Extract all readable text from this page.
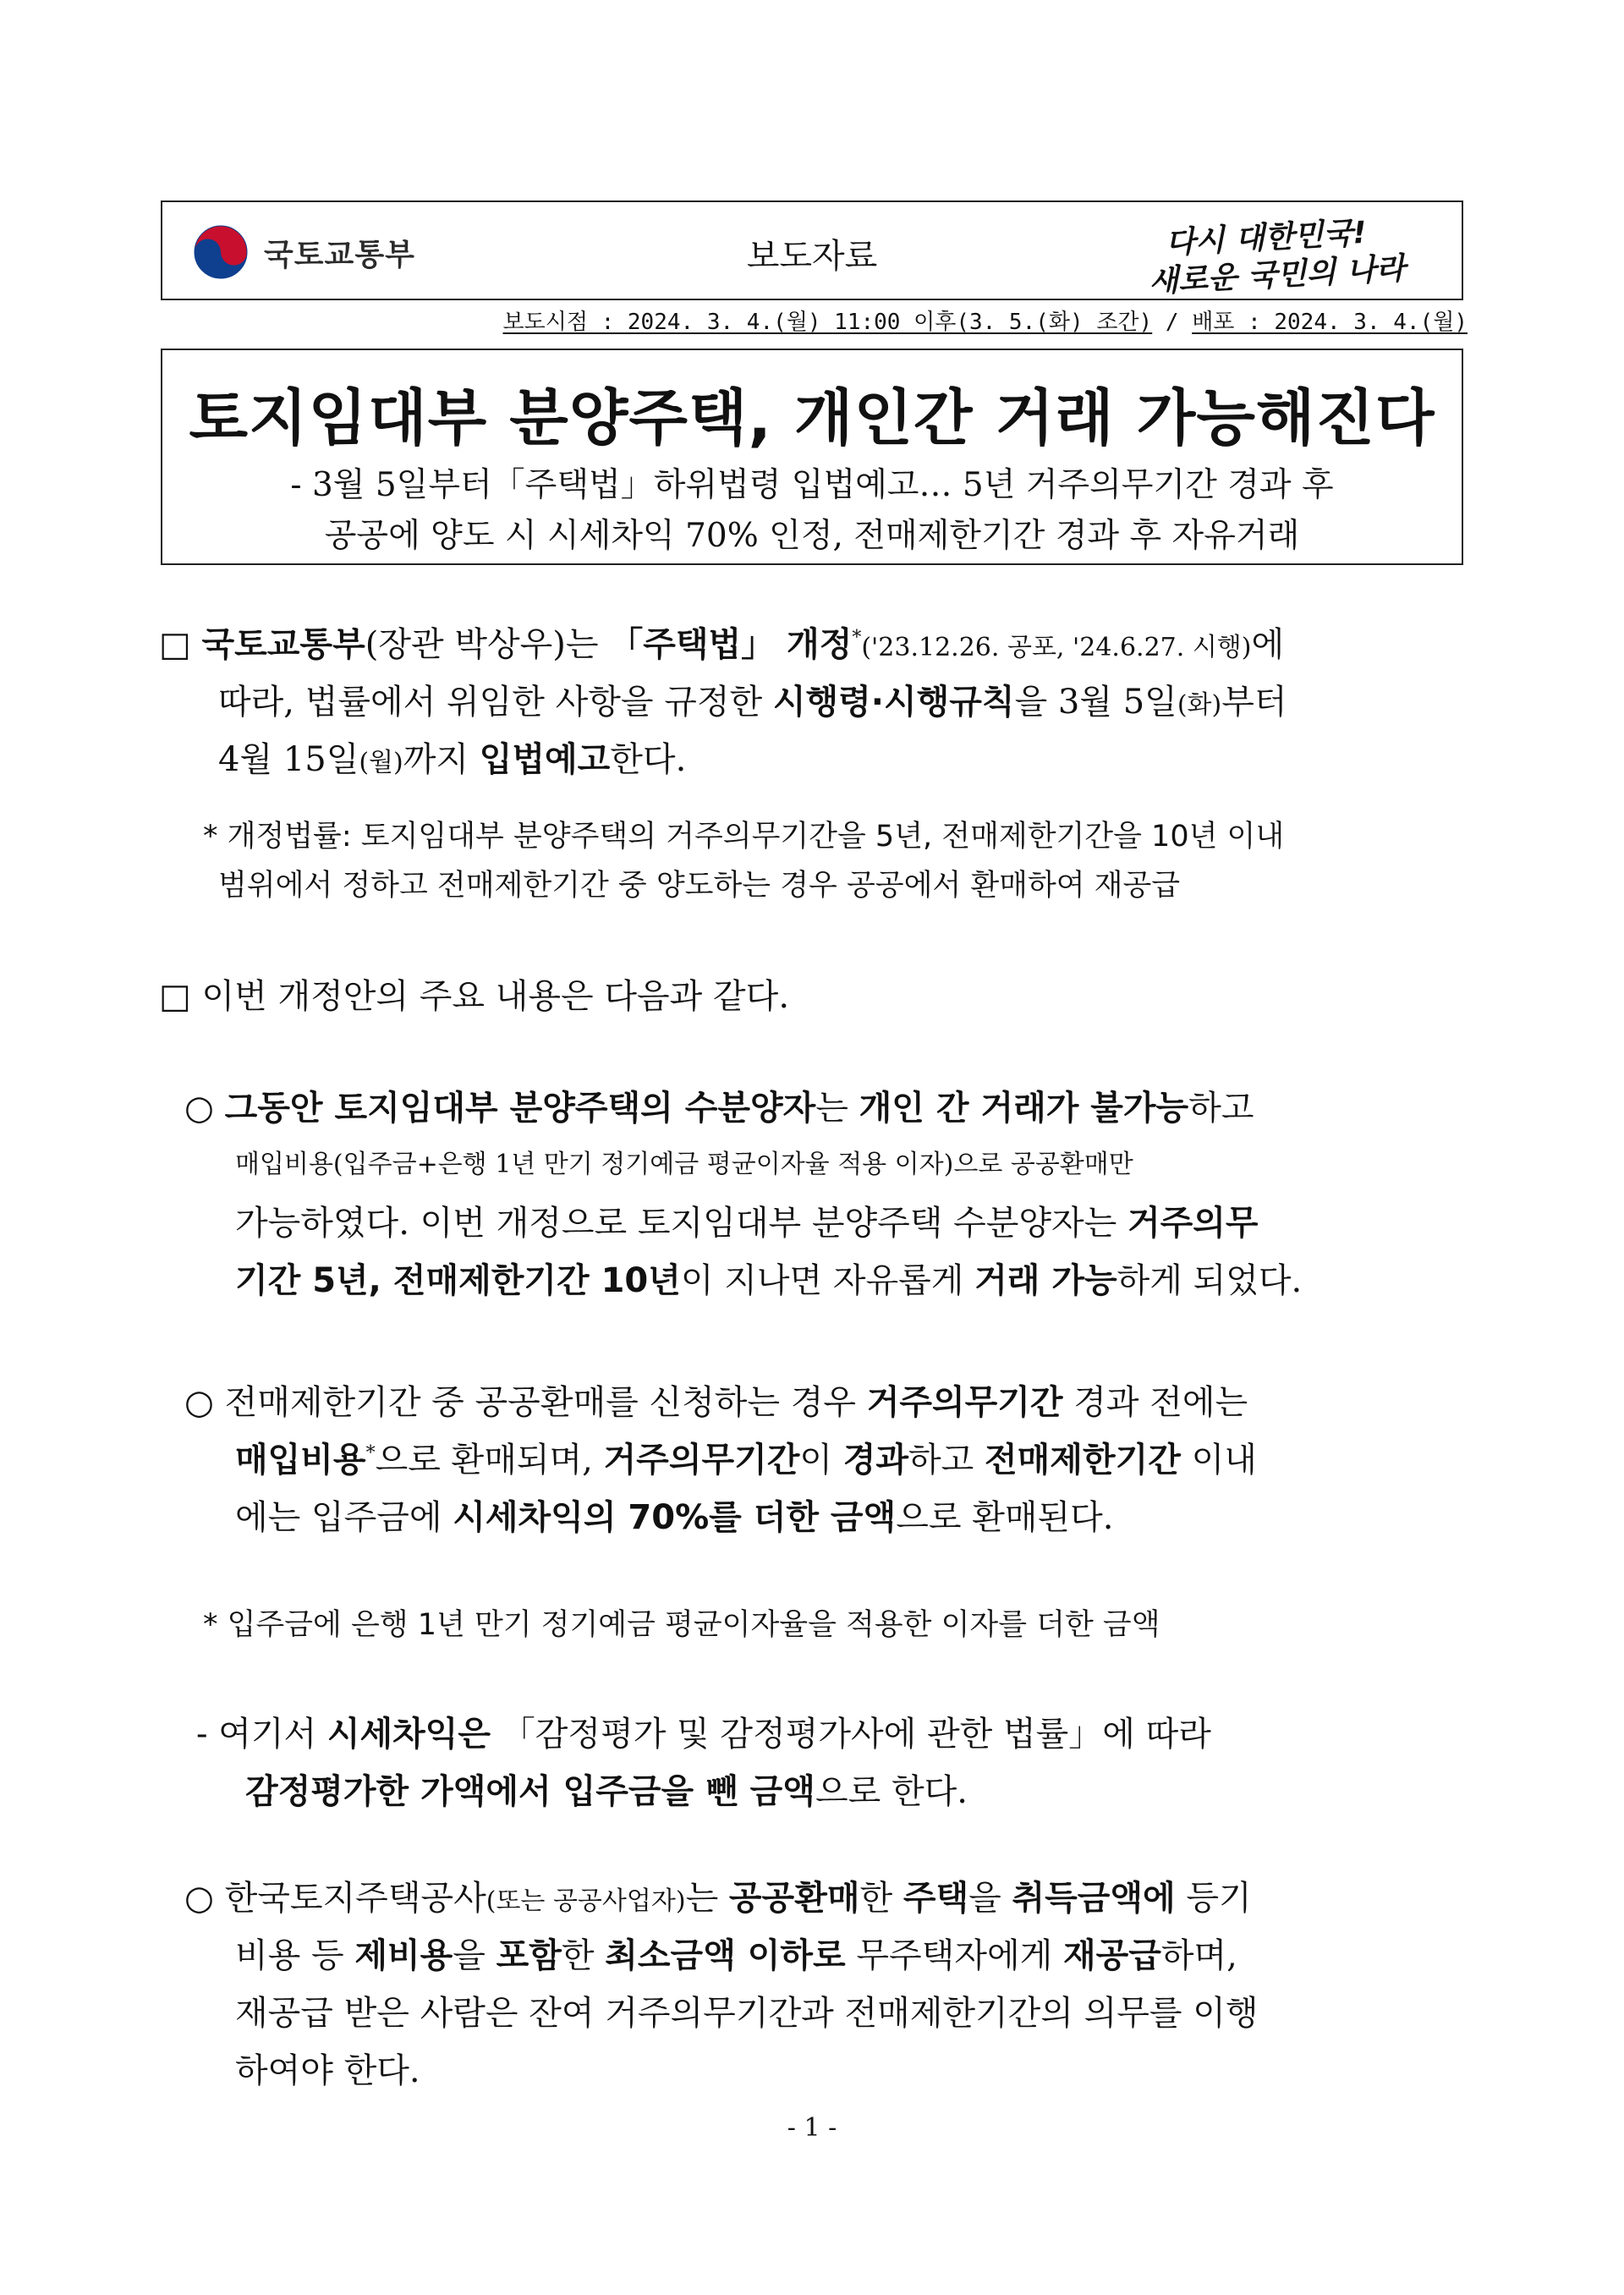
국토교통부	보도자료	다시 대한민국!
새로운 국민의 나라
보도시점 : 2024. 3. 4.(월) 11:00 이후(3. 5.(화) 조간) / 배포 : 2024. 3. 4.(월)
토지임대부 분양주택, 개인간 거래 가능해진다
- 3월 5일부터「주택법」하위법령 입법예고… 5년 거주의무기간 경과 후
공공에 양도 시 시세차익 70% 인정, 전매제한기간 경과 후 자유거래
□ 국토교통부(장관 박상우)는 「주택법」 개정*('23.12.26. 공포, '24.6.27. 시행)에
따라, 법률에서 위임한 사항을 규정한 시행령·시행규칙을 3월 5일(화)부터
4월 15일(월)까지 입법예고한다.
* 개정법률: 토지임대부 분양주택의 거주의무기간을 5년, 전매제한기간을 10년 이내
범위에서 정하고 전매제한기간 중 양도하는 경우 공공에서 환매하여 재공급
□ 이번 개정안의 주요 내용은 다음과 같다.
○ 그동안 토지임대부 분양주택의 수분양자는 개인 간 거래가 불가능하고
매입비용(입주금+은행 1년 만기 정기예금 평균이자율 적용 이자)으로 공공환매만
가능하였다. 이번 개정으로 토지임대부 분양주택 수분양자는 거주의무
기간 5년, 전매제한기간 10년이 지나면 자유롭게 거래 가능하게 되었다.
○ 전매제한기간 중 공공환매를 신청하는 경우 거주의무기간 경과 전에는
매입비용*으로 환매되며, 거주의무기간이 경과하고 전매제한기간 이내
에는 입주금에 시세차익의 70%를 더한 금액으로 환매된다.
* 입주금에 은행 1년 만기 정기예금 평균이자율을 적용한 이자를 더한 금액
- 여기서 시세차익은 「감정평가 및 감정평가사에 관한 법률」에 따라
감정평가한 가액에서 입주금을 뺀 금액으로 한다.
○ 한국토지주택공사(또는 공공사업자)는 공공환매한 주택을 취득금액에 등기
비용 등 제비용을 포함한 최소금액 이하로 무주택자에게 재공급하며,
재공급 받은 사람은 잔여 거주의무기간과 전매제한기간의 의무를 이행
하여야 한다.
- 1 -
